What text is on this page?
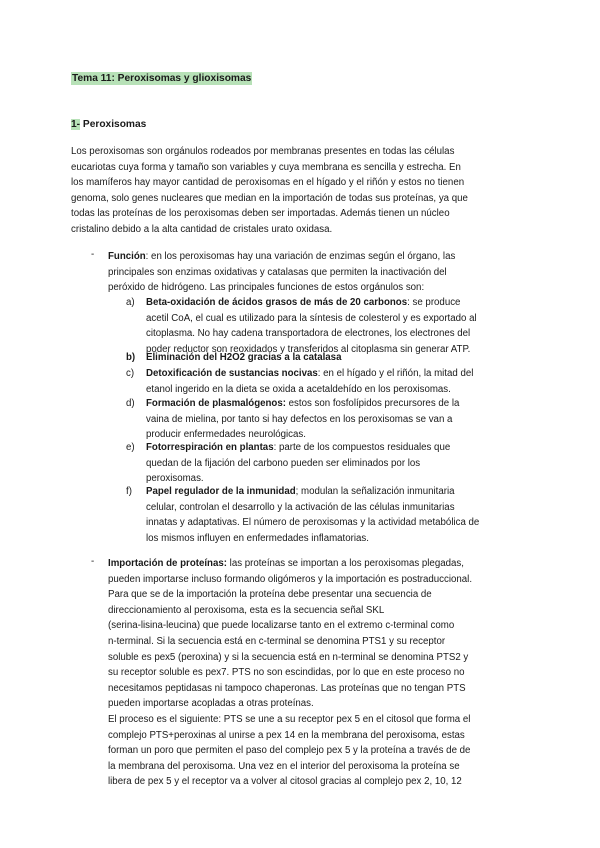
Tema 11: Peroxisomas y glioxisomas
1- Peroxisomas

Los peroxisomas son orgánulos rodeados por membranas presentes en todas las células

eucariotas cuya forma y tamaño son variables y cuya membrana es sencilla y estrecha. En

los mamíferos hay mayor cantidad de peroxisomas en el hígado y el riñón y estos no tienen

genoma, solo genes nucleares que median en la importación de todas sus proteínas, ya que

todas las proteínas de los peroxisomas deben ser importadas. Además tienen un núcleo

cristalino debido a la alta cantidad de cristales urato oxidasa.

- Función: en los peroxisomas hay una variación de enzimas según el órgano, las

principales son enzimas oxidativas y catalasas que permiten la inactivación del

peróxido de hidrógeno. Las principales funciones de estos orgánulos son:

a)	Beta-oxidación de ácidos grasos de más de 20 carbonos: se produce

acetil CoA, el cual es utilizado para la síntesis de colesterol y es exportado al

citoplasma. No hay cadena transportadora de electrones, los electrones del

poder reductor son reoxidados y transferidos al citoplasma sin generar ATP.

b)	Eliminación del H2O2 gracias a la catalasa

c)	Detoxificación de sustancias nocivas: en el hígado y el riñón, la mitad del

etanol ingerido en la dieta se oxida a acetaldehído en los peroxisomas.

d)	Formación de plasmalógenos: estos son fosfolípidos precursores de la

vaina de mielina, por tanto si hay defectos en los peroxisomas se van a

producir enfermedades neurológicas.

e)	Fotorrespiración en plantas: parte de los compuestos residuales que

quedan de la fijación del carbono pueden ser eliminados por los

peroxisomas.

f)	Papel regulador de la inmunidad; modulan la señalización inmunitaria

celular, controlan el desarrollo y la activación de las células inmunitarias

innatas y adaptativas. El número de peroxisomas y la actividad metabólica de

los mismos influyen en enfermedades inflamatorias.

- Importación de proteínas: las proteínas se importan a los peroxisomas plegadas,

pueden importarse incluso formando oligómeros y la importación es postraduccional.

Para que se de la importación la proteína debe presentar una secuencia de

direccionamiento al peroxisoma, esta es la secuencia señal SKL

(serina-lisina-leucina) que puede localizarse tanto en el extremo c-terminal como

n-terminal. Si la secuencia está en c-terminal se denomina PTS1 y su receptor

soluble es pex5 (peroxina) y si la secuencia está en n-terminal se denomina PTS2 y

su receptor soluble es pex7. PTS no son escindidas, por lo que en este proceso no

necesitamos peptidasas ni tampoco chaperonas. Las proteínas que no tengan PTS

pueden importarse acopladas a otras proteínas.

El proceso es el siguiente: PTS se une a su receptor pex 5 en el citosol que forma el

complejo PTS+peroxinas al unirse a pex 14 en la membrana del peroxisoma, estas

forman un poro que permiten el paso del complejo pex 5 y la proteína a través de de

la membrana del peroxisoma. Una vez en el interior del peroxisoma la proteína se

libera de pex 5 y el receptor va a volver al citosol gracias al complejo pex 2, 10, 12
